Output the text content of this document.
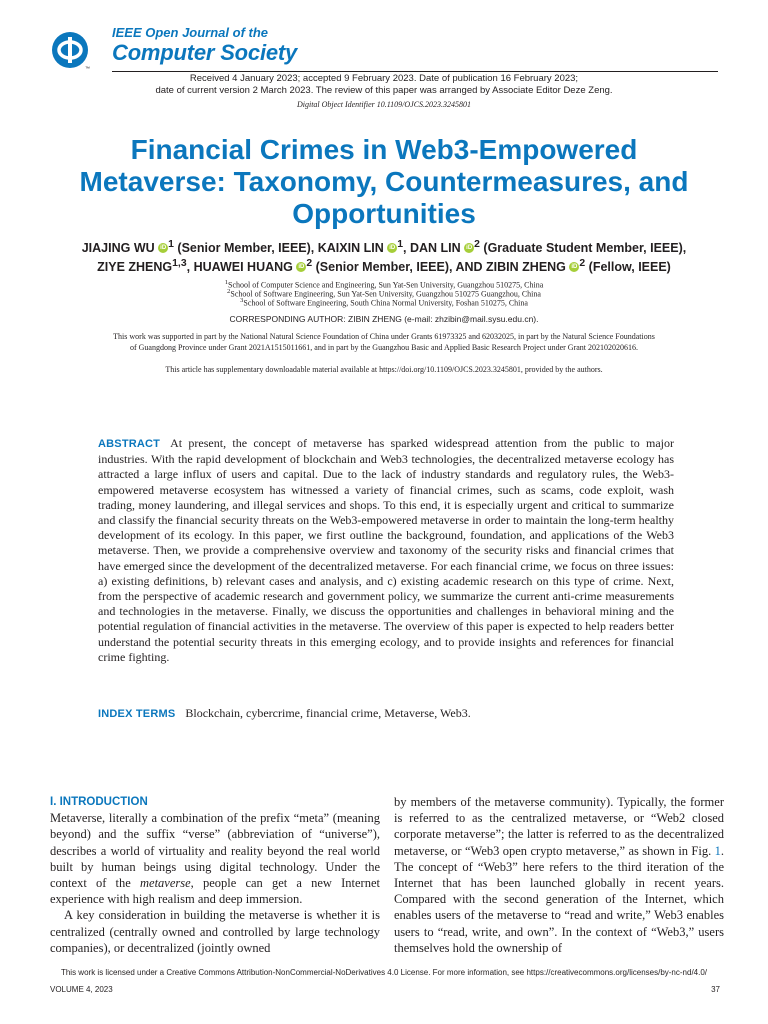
™
IEEE Open Journal of the
Computer Society
Received 4 January 2023; accepted 9 February 2023. Date of publication 16 February 2023;
date of current version 2 March 2023. The review of this paper was arranged by Associate Editor Deze Zeng.
Digital Object Identifier 10.1109/OJCS.2023.3245801
Financial Crimes in Web3-Empowered Metaverse: Taxonomy, Countermeasures, and Opportunities
JIAJING WU iD $^1$ (Senior Member, IEEE), KAIXIN LIN iD $^1$, DAN LIN iD $^2$ (Graduate Student Member, IEEE),
ZIYE ZHENG$^{1,3}$, HUAWEI HUANG iD $^2$ (Senior Member, IEEE), AND ZIBIN ZHENG iD $^2$ (Fellow, IEEE)
$^1$School of Computer Science and Engineering, Sun Yat-Sen University, Guangzhou 510275, China
$^2$School of Software Engineering, Sun Yat-Sen University, Guangzhou 510275 Guangzhou, China
$^3$School of Software Engineering, South China Normal University, Foshan 510275, China
CORRESPONDING AUTHOR: ZIBIN ZHENG (e-mail: zhzibin@mail.sysu.edu.cn).
This work was supported in part by the National Natural Science Foundation of China under Grants 61973325 and 62032025, in part by the Natural Science Foundations of Guangdong Province under Grant 2021A1515011661, and in part by the Guangzhou Basic and Applied Basic Research Project under Grant 202102020616.
This article has supplementary downloadable material available at https://doi.org/10.1109/OJCS.2023.3245801, provided by the authors.
ABSTRACT At present, the concept of metaverse has sparked widespread attention from the public to major industries. With the rapid development of blockchain and Web3 technologies, the decentralized metaverse ecology has attracted a large influx of users and capital. Due to the lack of industry standards and regulatory rules, the Web3-empowered metaverse ecosystem has witnessed a variety of financial crimes, such as scams, code exploit, wash trading, money laundering, and illegal services and shops. To this end, it is especially urgent and critical to summarize and classify the financial security threats on the Web3-empowered metaverse in order to maintain the long-term healthy development of its ecology. In this paper, we first outline the background, foundation, and applications of the Web3 metaverse. Then, we provide a comprehensive overview and taxonomy of the security risks and financial crimes that have emerged since the development of the decentralized metaverse. For each financial crime, we focus on three issues: a) existing definitions, b) relevant cases and analysis, and c) existing academic research on this type of crime. Next, from the perspective of academic research and government policy, we summarize the current anti-crime measurements and technologies in the metaverse. Finally, we discuss the opportunities and challenges in behavioral mining and the potential regulation of financial activities in the metaverse. The overview of this paper is expected to help readers better understand the potential security threats in this emerging ecology, and to provide insights and references for financial crime fighting.
INDEX TERMS Blockchain, cybercrime, financial crime, Metaverse, Web3.
I. INTRODUCTION
Metaverse, literally a combination of the prefix “meta” (meaning beyond) and the suffix “verse” (abbreviation of “universe”), describes a world of virtuality and reality beyond the real world built by human beings using digital technology. Under the context of the metaverse, people can get a new Internet experience with high realism and deep immersion.
A key consideration in building the metaverse is whether it is centralized (centrally owned and controlled by large technology companies), or decentralized (jointly owned
by members of the metaverse community). Typically, the former is referred to as the centralized metaverse, or “Web2 closed corporate metaverse”; the latter is referred to as the decentralized metaverse, or “Web3 open crypto metaverse,” as shown in Fig. 1. The concept of “Web3” here refers to the third iteration of the Internet that has been launched globally in recent years. Compared with the second generation of the Internet, which enables users of the metaverse to “read and write,” Web3 enables users to “read, write, and own”. In the context of “Web3,” users themselves hold the ownership of
This work is licensed under a Creative Commons Attribution-NonCommercial-NoDerivatives 4.0 License. For more information, see https://creativecommons.org/licenses/by-nc-nd/4.0/
VOLUME 4, 2023	37
